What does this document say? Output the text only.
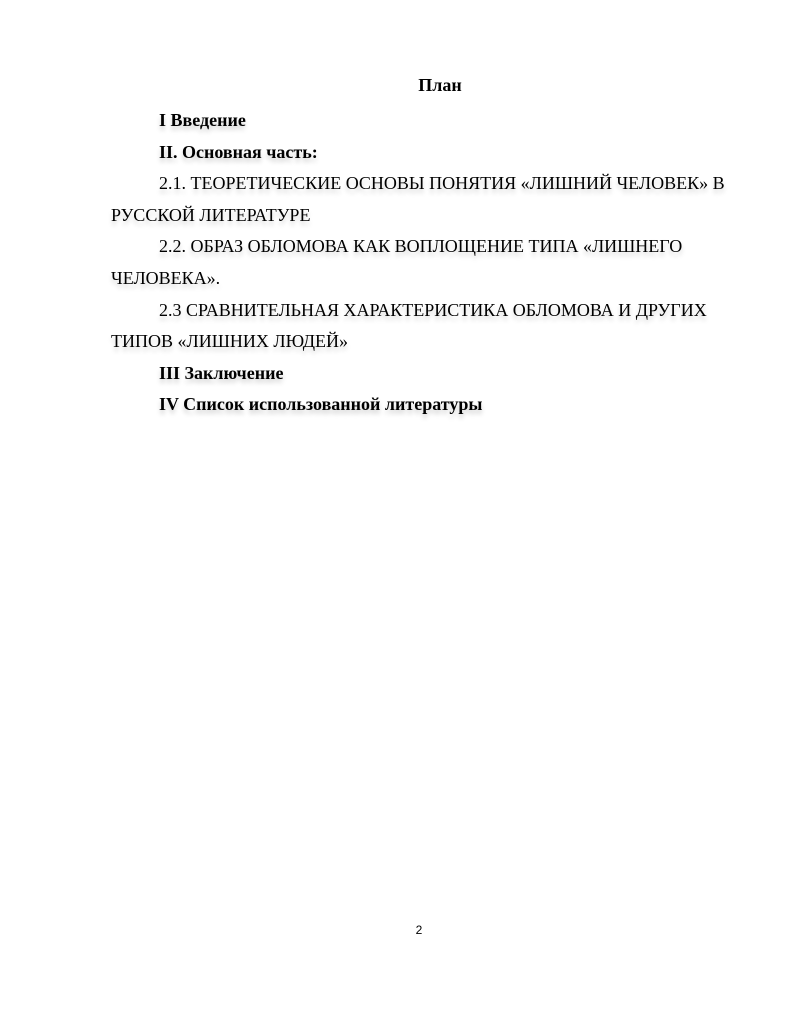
План

I Введение

II. Основная часть:

2.1. ТЕОРЕТИЧЕСКИЕ ОСНОВЫ ПОНЯТИЯ «ЛИШНИЙ ЧЕЛОВЕК» В РУССКОЙ ЛИТЕРАТУРЕ

2.2. ОБРАЗ ОБЛОМОВА КАК ВОПЛОЩЕНИЕ ТИПА «ЛИШНЕГО ЧЕЛОВЕКА».

2.3 СРАВНИТЕЛЬНАЯ ХАРАКТЕРИСТИКА ОБЛОМОВА И ДРУГИХ ТИПОВ «ЛИШНИХ ЛЮДЕЙ»

III Заключение

IV Список использованной литературы

2
